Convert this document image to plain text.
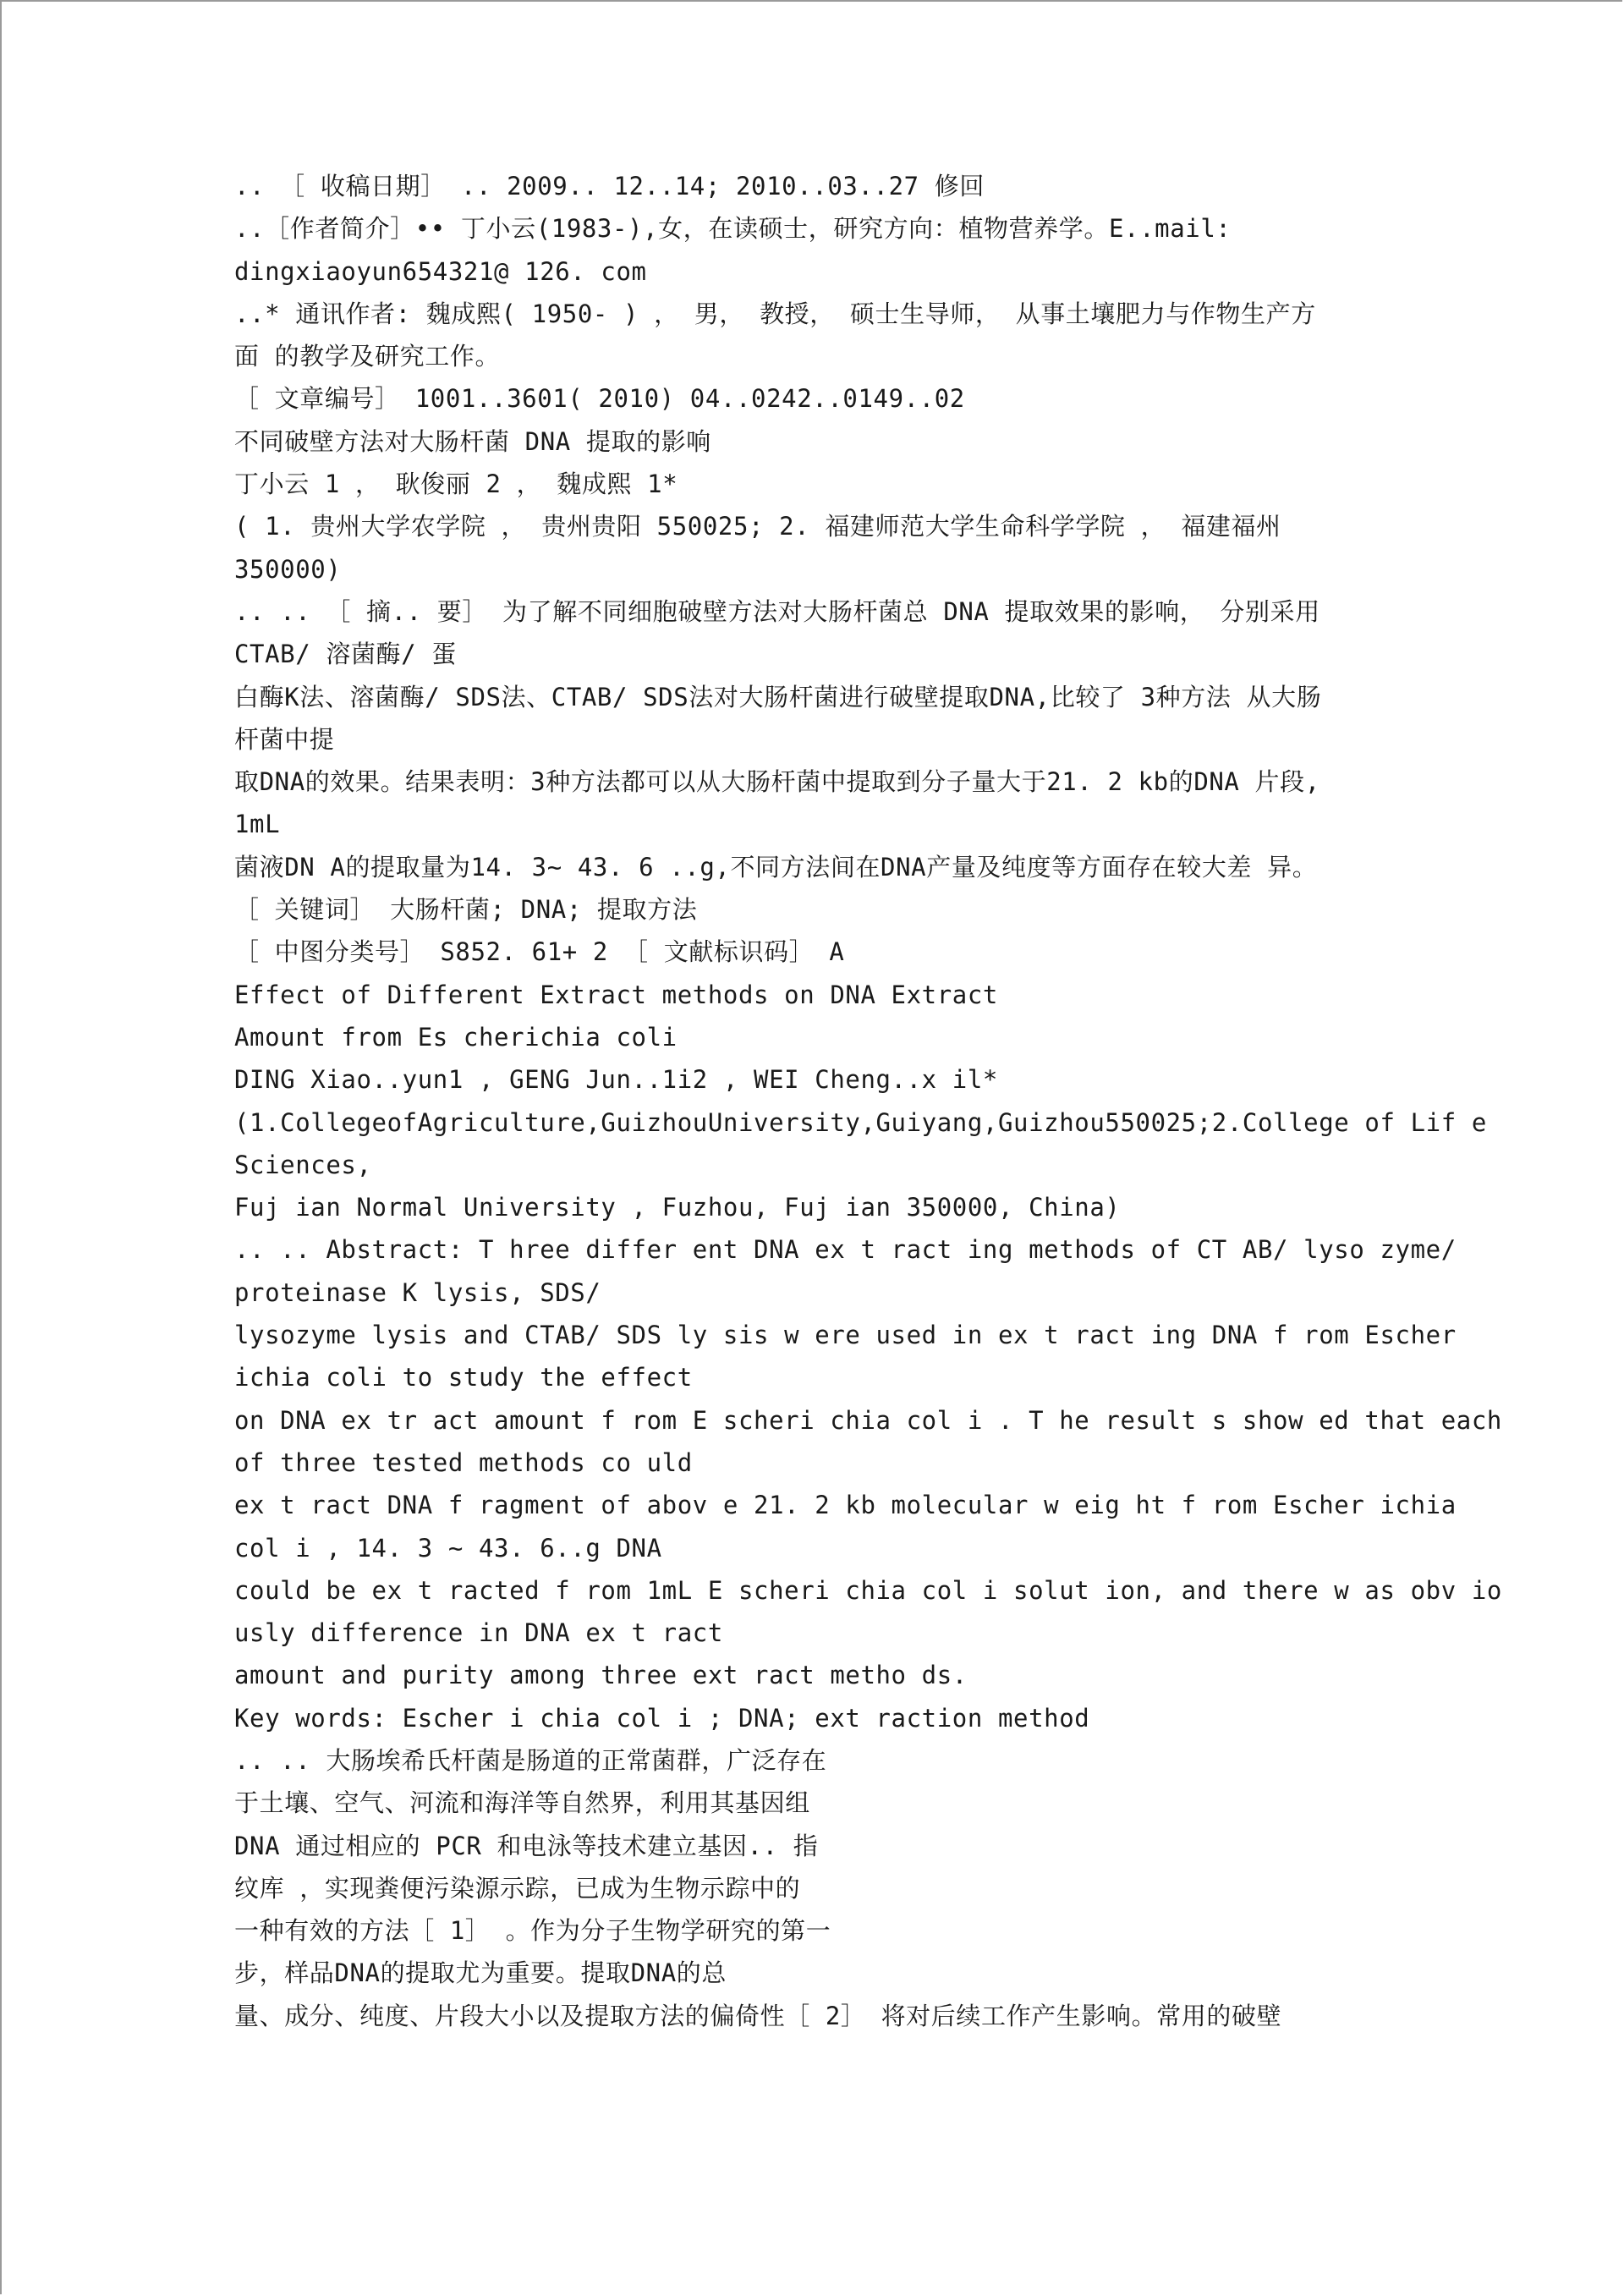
.. ［ 收稿日期］ .. 2009.. 12..14; 2010..03..27 修回
..［作者简介］•• 丁小云(1983-),女，在读硕士，研究方向：植物营养学。E..mail:
dingxiaoyun654321@ 126. com
..* 通讯作者: 魏成熙( 1950- ) ， 男， 教授， 硕士生导师， 从事土壤肥力与作物生产方
面 的教学及研究工作。
［ 文章编号］ 1001..3601( 2010) 04..0242..0149..02
不同破壁方法对大肠杆菌 DNA 提取的影响
丁小云 1 ， 耿俊丽 2 ， 魏成熙 1*
( 1. 贵州大学农学院 ， 贵州贵阳 550025; 2. 福建师范大学生命科学学院 ， 福建福州
350000)
.. .. ［ 摘.. 要］ 为了解不同细胞破壁方法对大肠杆菌总 DNA 提取效果的影响， 分别采用
CTAB/ 溶菌酶/ 蛋
白酶K法、溶菌酶/ SDS法、CTAB/ SDS法对大肠杆菌进行破壁提取DNA,比较了 3种方法 从大肠
杆菌中提
取DNA的效果。结果表明：3种方法都可以从大肠杆菌中提取到分子量大于21. 2 kb的DNA 片段,
1mL
菌液DN A的提取量为14. 3~ 43. 6 ..g,不同方法间在DNA产量及纯度等方面存在较大差 异。
［ 关键词］ 大肠杆菌; DNA; 提取方法
［ 中图分类号］ S852. 61+ 2 ［ 文献标识码］ A
Effect of Different Extract methods on DNA Extract
Amount from Es cherichia coli
DING Xiao..yun1 , GENG Jun..1i2 , WEI Cheng..x il*
(1.CollegeofAgriculture,GuizhouUniversity,Guiyang,Guizhou550025;2.College of Lif e
Sciences,
Fuj ian Normal University , Fuzhou, Fuj ian 350000, China)
.. .. Abstract: T hree differ ent DNA ex t ract ing methods of CT AB/ lyso zyme/
proteinase K lysis, SDS/
lysozyme lysis and CTAB/ SDS ly sis w ere used in ex t ract ing DNA f rom Escher
ichia coli to study the effect
on DNA ex tr act amount f rom E scheri chia col i . T he result s show ed that each
of three tested methods co uld
ex t ract DNA f ragment of abov e 21. 2 kb molecular w eig ht f rom Escher ichia
col i , 14. 3 ~ 43. 6..g DNA
could be ex t racted f rom 1mL E scheri chia col i solut ion, and there w as obv io
usly difference in DNA ex t ract
amount and purity among three ext ract metho ds.
Key words: Escher i chia col i ; DNA; ext raction method
.. .. 大肠埃希氏杆菌是肠道的正常菌群，广泛存在
于土壤、空气、河流和海洋等自然界，利用其基因组
DNA 通过相应的 PCR 和电泳等技术建立基因.. 指
纹库 ，实现粪便污染源示踪，已成为生物示踪中的
一种有效的方法［ 1］ 。作为分子生物学研究的第一
步，样品DNA的提取尤为重要。提取DNA的总
量、成分、纯度、片段大小以及提取方法的偏倚性［ 2］ 将对后续工作产生影响。常用的破壁
